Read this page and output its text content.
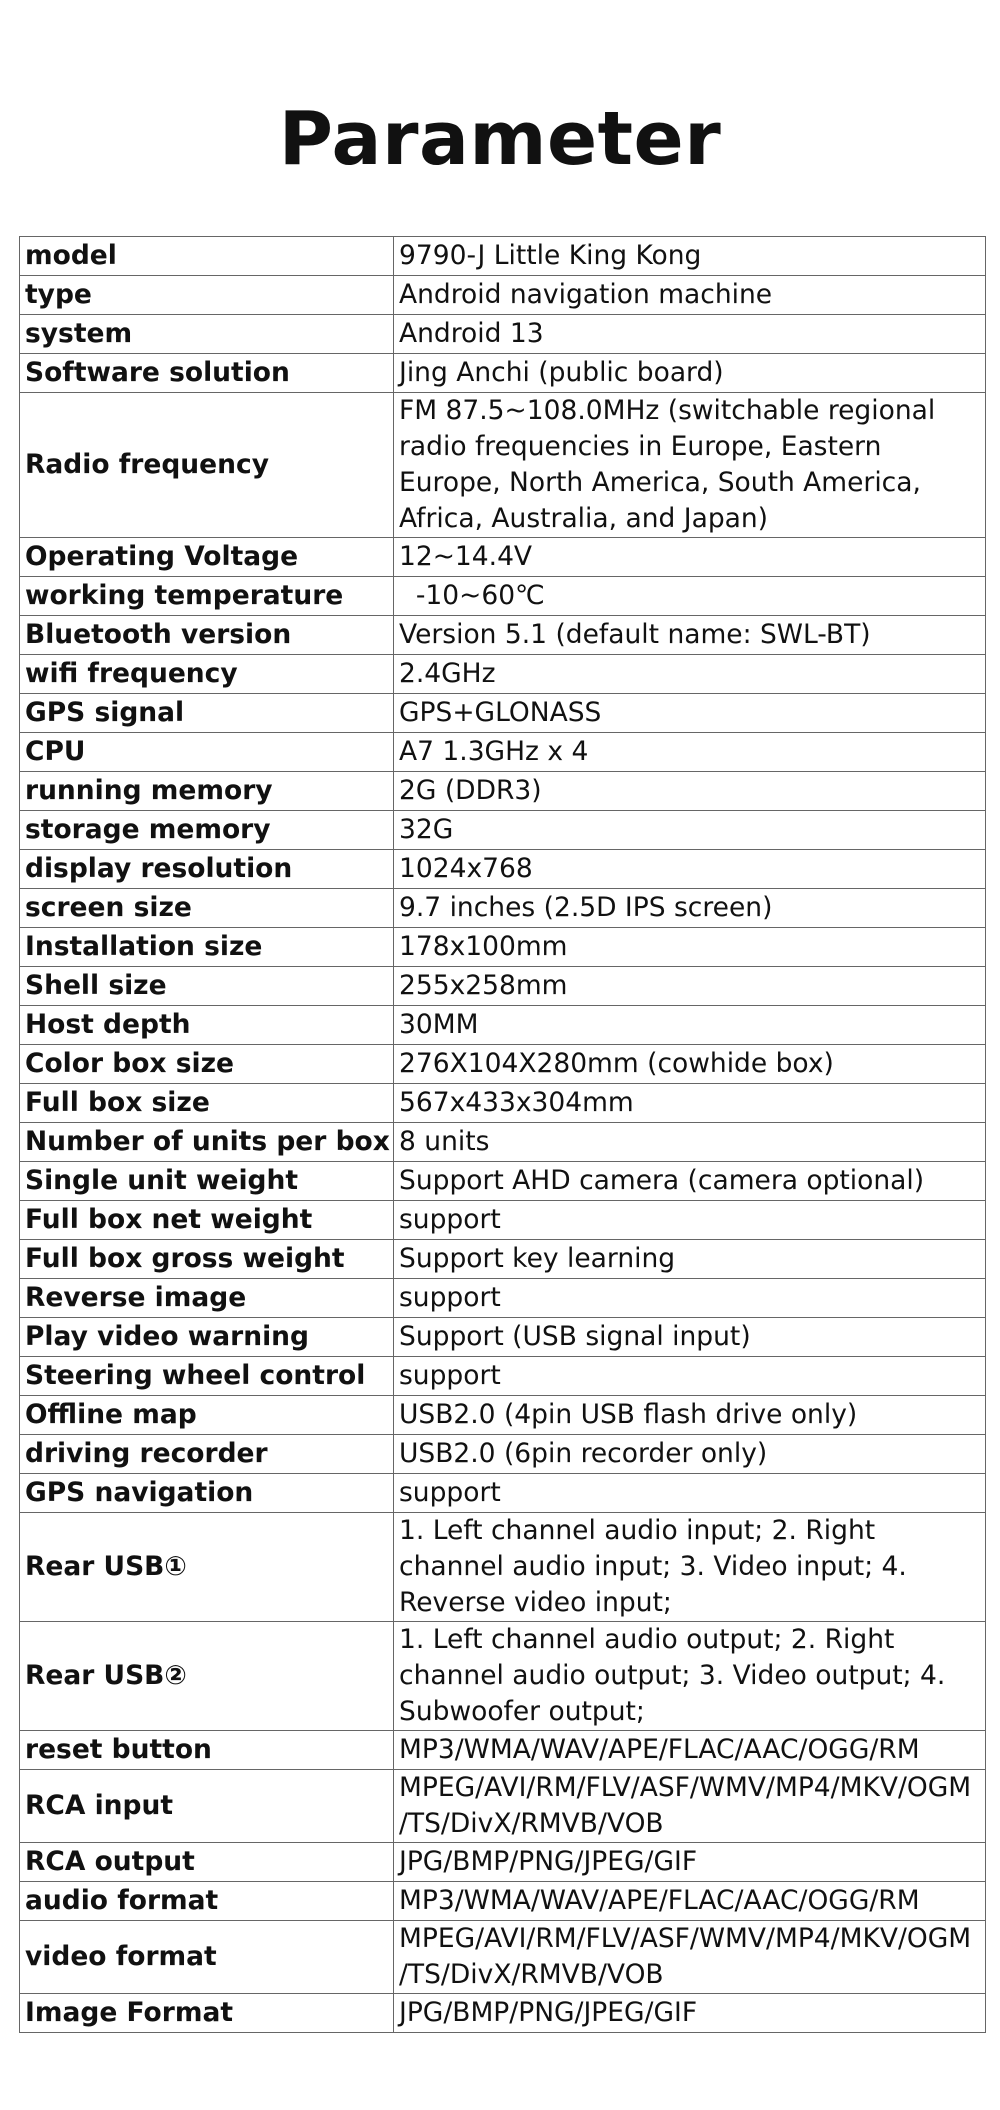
Parameter
model	9790-J Little King Kong
type	Android navigation machine
system	Android 13
Software solution	Jing Anchi (public board)
Radio frequency	FM 87.5~108.0MHz (switchable regional radio frequencies in Europe, Eastern Europe, North America, South America, Africa, Australia, and Japan)
Operating Voltage	12~14.4V
working temperature	-10~60℃
Bluetooth version	Version 5.1 (default name: SWL-BT)
wifi frequency	2.4GHz
GPS signal	GPS+GLONASS
CPU	A7 1.3GHz x 4
running memory	2G (DDR3)
storage memory	32G
display resolution	1024x768
screen size	9.7 inches (2.5D IPS screen)
Installation size	178x100mm
Shell size	255x258mm
Host depth	30MM
Color box size	276X104X280mm (cowhide box)
Full box size	567x433x304mm
Number of units per box	8 units
Single unit weight	Support AHD camera (camera optional)
Full box net weight	support
Full box gross weight	Support key learning
Reverse image	support
Play video warning	Support (USB signal input)
Steering wheel control	support
Offline map	USB2.0 (4pin USB flash drive only)
driving recorder	USB2.0 (6pin recorder only)
GPS navigation	support
Rear USB①	1. Left channel audio input; 2. Right channel audio input; 3. Video input; 4. Reverse video input;
Rear USB②	1. Left channel audio output; 2. Right channel audio output; 3. Video output; 4. Subwoofer output;
reset button	MP3/WMA/WAV/APE/FLAC/AAC/OGG/RM
RCA input	MPEG/AVI/RM/FLV/ASF/WMV/MP4/MKV/OGM/TS/DivX/RMVB/VOB
RCA output	JPG/BMP/PNG/JPEG/GIF
audio format	MP3/WMA/WAV/APE/FLAC/AAC/OGG/RM
video format	MPEG/AVI/RM/FLV/ASF/WMV/MP4/MKV/OGM/TS/DivX/RMVB/VOB
Image Format	JPG/BMP/PNG/JPEG/GIF
